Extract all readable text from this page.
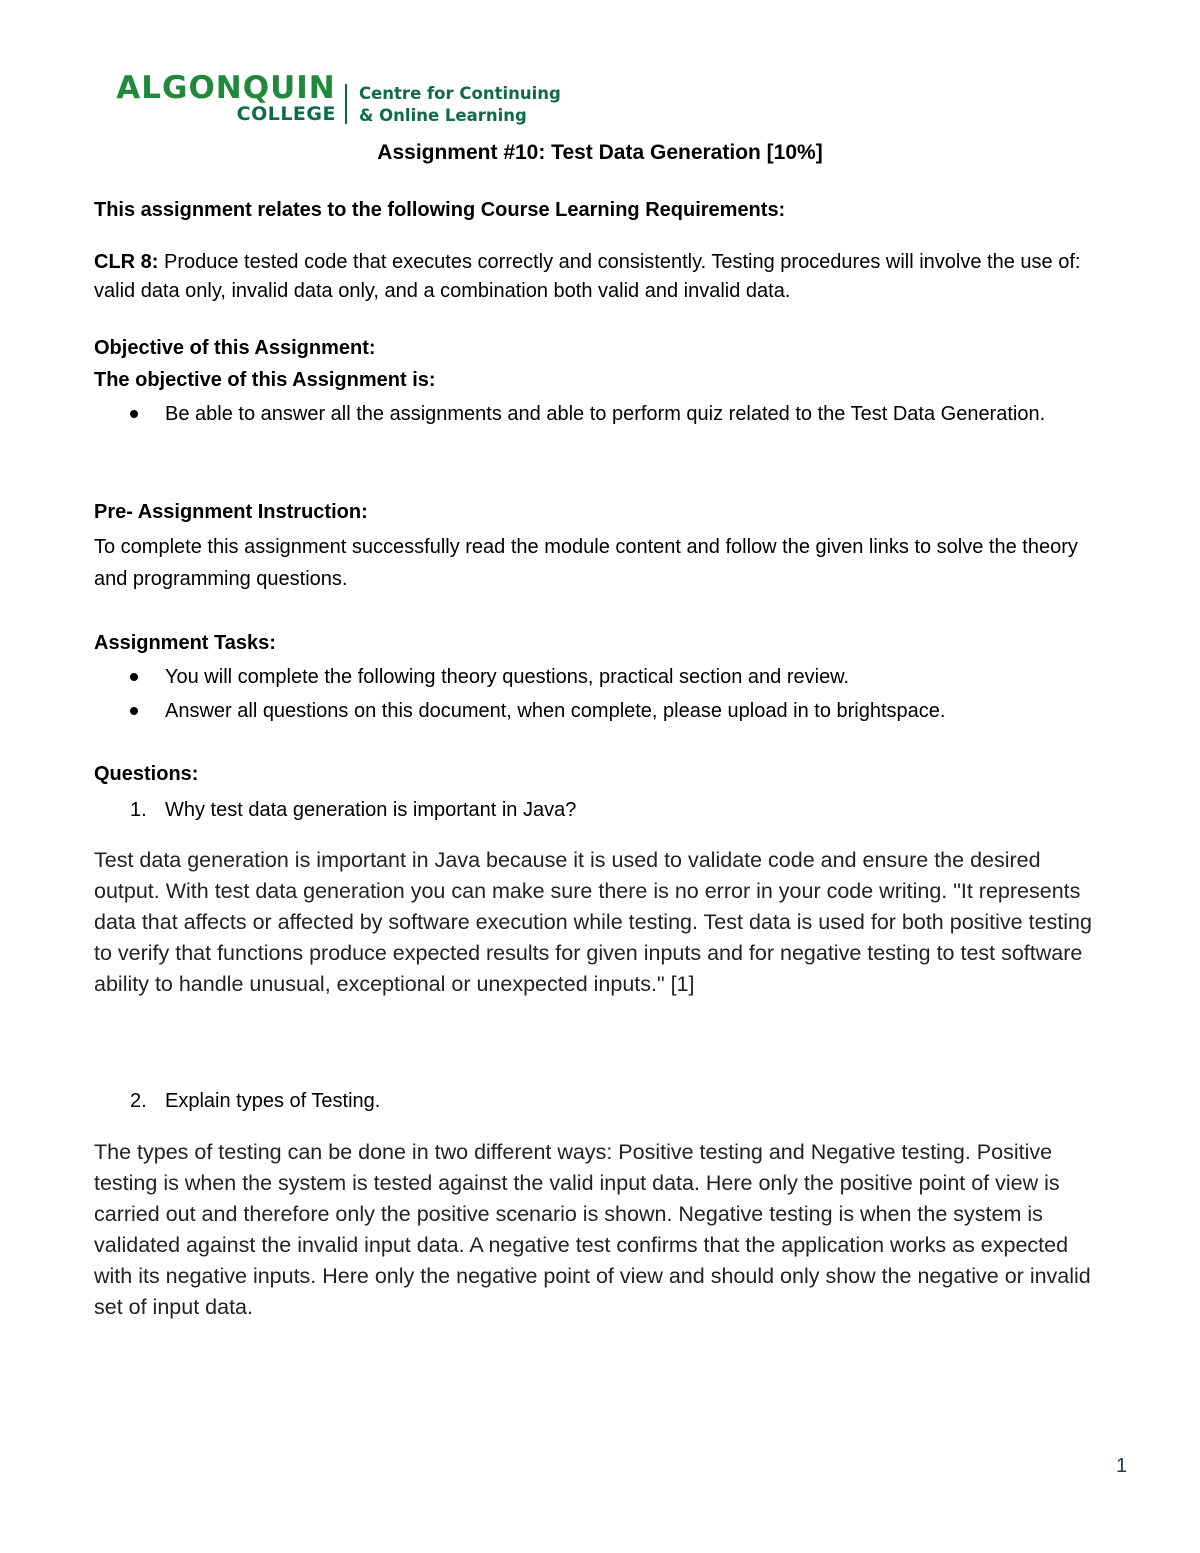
ALGONQUIN
COLLEGE
Centre for Continuing
& Online Learning
Assignment #10: Test Data Generation [10%]
This assignment relates to the following Course Learning Requirements:
CLR 8: Produce tested code that executes correctly and consistently. Testing procedures will involve the use of: valid data only, invalid data only, and a combination both valid and invalid data.
Objective of this Assignment:
The objective of this Assignment is:
Be able to answer all the assignments and able to perform quiz related to the Test Data Generation.
Pre- Assignment Instruction:
To complete this assignment successfully read the module content and follow the given links to solve the theory and programming questions.
Assignment Tasks:
You will complete the following theory questions, practical section and review.
Answer all questions on this document, when complete, please upload in to brightspace.
Questions:
1. Why test data generation is important in Java?
Test data generation is important in Java because it is used to validate code and ensure the desired output. With test data generation you can make sure there is no error in your code writing. "It represents data that affects or affected by software execution while testing. Test data is used for both positive testing to verify that functions produce expected results for given inputs and for negative testing to test software ability to handle unusual, exceptional or unexpected inputs." [1]
2. Explain types of Testing.
The types of testing can be done in two different ways: Positive testing and Negative testing. Positive testing is when the system is tested against the valid input data. Here only the positive point of view is carried out and therefore only the positive scenario is shown. Negative testing is when the system is validated against the invalid input data. A negative test confirms that the application works as expected with its negative inputs. Here only the negative point of view and should only show the negative or invalid set of input data.
1
